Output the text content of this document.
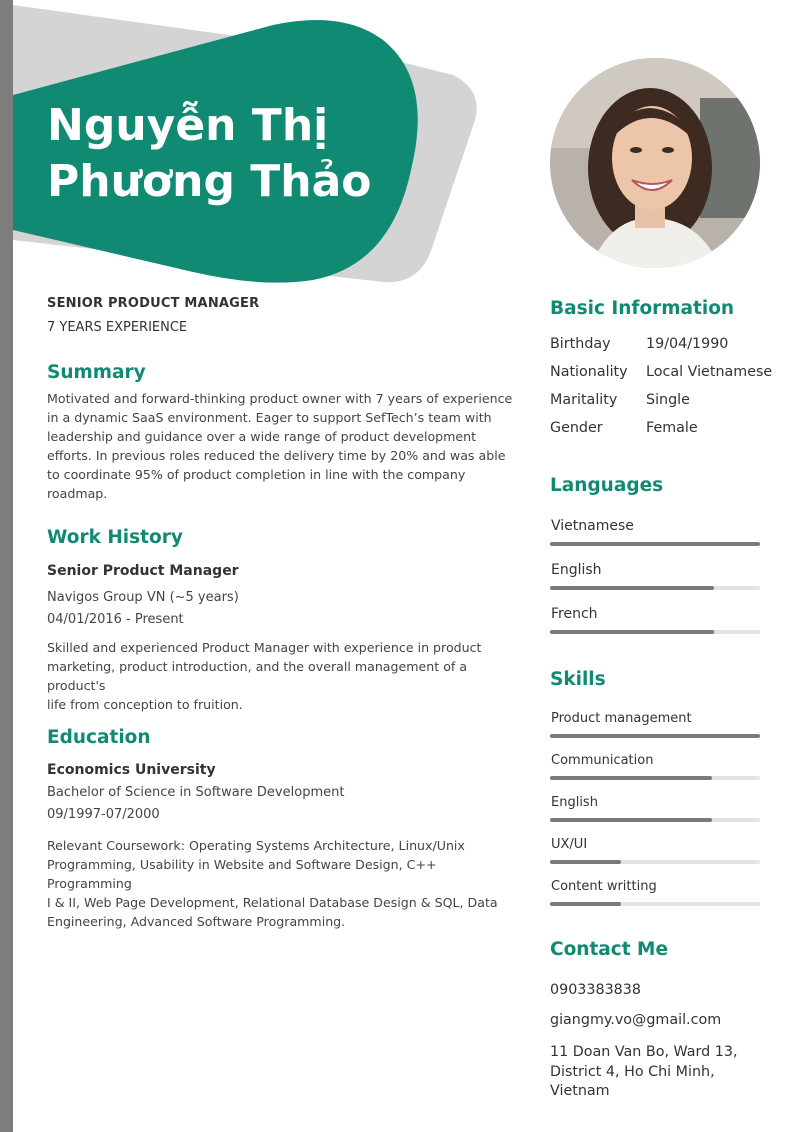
Nguyễn Thị
Phương Thảo
SENIOR PRODUCT MANAGER
7 YEARS EXPERIENCE
Summary
Motivated and forward-thinking product owner with 7 years of experience
in a dynamic SaaS environment. Eager to support SefTech’s team with
leadership and guidance over a wide range of product development
efforts. In previous roles reduced the delivery time by 20% and was able
to coordinate 95% of product completion in line with the company
roadmap.
Work History
Senior Product Manager
Navigos Group VN (~5 years)
04/01/2016 - Present
Skilled and experienced Product Manager with experience in product
marketing, product introduction, and the overall management of a product's
life from conception to fruition.
Education
Economics University
Bachelor of Science in Software Development
09/1997-07/2000
Relevant Coursework: Operating Systems Architecture, Linux/Unix
Programming, Usability in Website and Software Design, C++ Programming
I & II, Web Page Development, Relational Database Design & SQL, Data
Engineering, Advanced Software Programming.
Basic Information
Birthday 19/04/1990
Nationality Local Vietnamese
Maritality Single
Gender	Female
Languages
Vietnamese
English
French
Skills
Product management
Communication
English
UX/UI
Content writting
Contact Me
0903383838
giangmy.vo@gmail.com
11 Doan Van Bo, Ward 13,
District 4, Ho Chi Minh,
Vietnam
